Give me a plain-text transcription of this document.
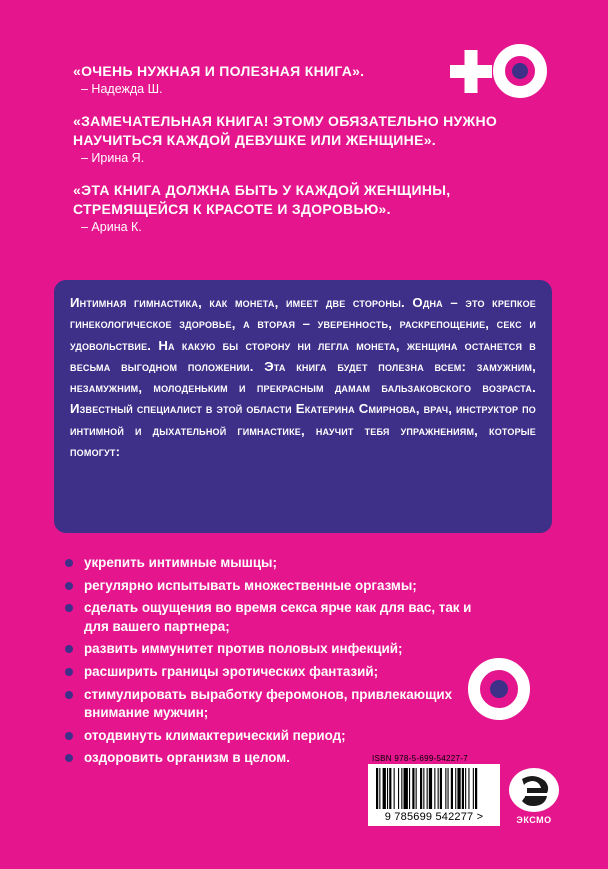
«ОЧЕНЬ НУЖНАЯ И ПОЛЕЗНАЯ КНИГА».
– Надежда Ш.
«ЗАМЕЧАТЕЛЬНАЯ КНИГА! ЭТОМУ ОБЯЗАТЕЛЬНО НУЖНО НАУЧИТЬСЯ КАЖДОЙ ДЕВУШКЕ ИЛИ ЖЕНЩИНЕ».
– Ирина Я.
«ЭТА КНИГА ДОЛЖНА БЫТЬ У КАЖДОЙ ЖЕНЩИНЫ, СТРЕМЯЩЕЙСЯ К КРАСОТЕ И ЗДОРОВЬЮ».
– Арина К.
Интимная гимнастика, как монета, имеет две стороны. Одна – это крепкое гинекологическое здоровье, а вторая – уверенность, раскрепощение, секс и удовольствие. На какую бы сторону ни легла монета, женщина останется в весьма выгодном положении. Эта книга будет полезна всем: замужним, незамужним, молоденьким и прекрасным дамам бальзаковского возраста. Известный специалист в этой области Екатерина Смирнова, врач, инструктор по интимной и дыхательной гимнастике, научит тебя упражнениям, которые помогут:
укрепить интимные мышцы;
регулярно испытывать множественные оргазмы;
сделать ощущения во время секса ярче как для вас, так и для вашего партнера;
развить иммунитет против половых инфекций;
расширить границы эротических фантазий;
стимулировать выработку феромонов, привлекающих внимание мужчин;
отодвинуть климактерический период;
оздоровить организм в целом.	ISBN 978-5-699-54227-7
9 785699 542277 >	ЭКСМО
